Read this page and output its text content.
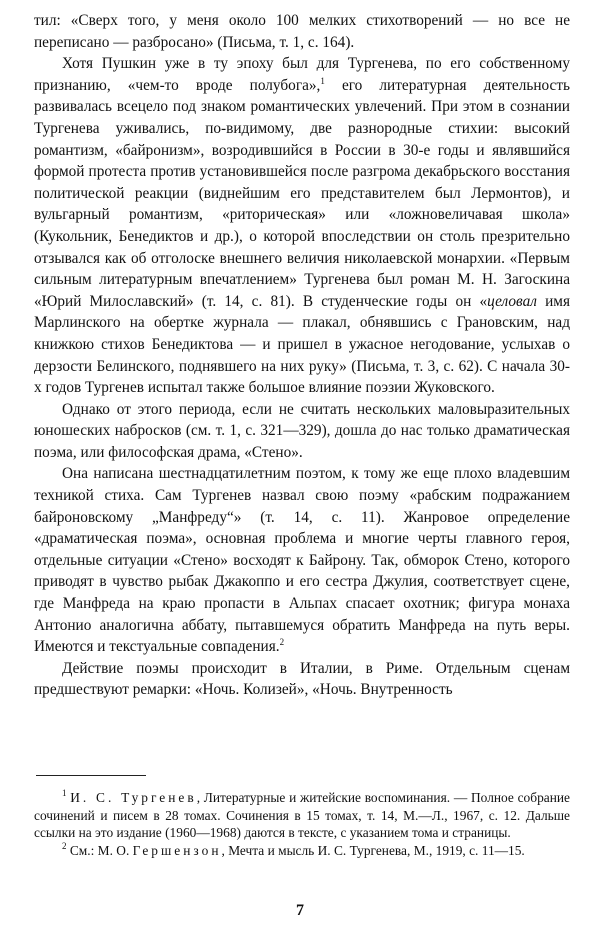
тил: «Сверх того, у меня около 100 мелких стихотворений — но все не переписано — разбросано» (Письма, т. 1, с. 164).

Хотя Пушкин уже в ту эпоху был для Тургенева, по его собственному признанию, «чем-то вроде полубога»,$^1$ его литературная деятельность развивалась всецело под знаком романтических увлечений. При этом в сознании Тургенева уживались, по-видимому, две разнородные стихии: высокий романтизм, «байронизм», возродившийся в России в 30-е годы и являвшийся формой протеста против установившейся после разгрома декабрьского восстания политической реакции (виднейшим его представителем был Лермонтов), и вульгарный романтизм, «риторическая» или «ложновеличавая школа» (Кукольник, Бенедиктов и др.), о которой впоследствии он столь презрительно отзывался как об отголоске внешнего величия николаевской монархии. «Первым сильным литературным впечатлением» Тургенева был роман М. Н. Загоскина «Юрий Милославский» (т. 14, с. 81). В студенческие годы он «целовал имя Марлинского на обертке журнала — плакал, обнявшись с Грановским, над книжкою стихов Бенедиктова — и пришел в ужасное негодование, услыхав о дерзости Белинского, поднявшего на них руку» (Письма, т. 3, с. 62). С начала 30-х годов Тургенев испытал также большое влияние поэзии Жуковского.

Однако от этого периода, если не считать нескольких маловыразительных юношеских набросков (см. т. 1, с. 321—329), дошла до нас только драматическая поэма, или философская драма, «Стено».

Она написана шестнадцатилетним поэтом, к тому же еще плохо владевшим техникой стиха. Сам Тургенев назвал свою поэму «рабским подражанием байроновскому „Манфреду“» (т. 14, с. 11). Жанровое определение «драматическая поэма», основная проблема и многие черты главного героя, отдельные ситуации «Стено» восходят к Байрону. Так, обморок Стено, которого приводят в чувство рыбак Джакоппо и его сестра Джулия, соответствует сцене, где Манфреда на краю пропасти в Альпах спасает охотник; фигура монаха Антонио аналогична аббату, пытавшемуся обратить Манфреда на путь веры. Имеются и текстуальные совпадения.$^2$

Действие поэмы происходит в Италии, в Риме. Отдельным сценам предшествуют ремарки: «Ночь. Колизей», «Ночь. Внутренность

$^1$ И. С. Тургенев, Литературные и житейские воспоминания. — Полное собрание сочинений и писем в 28 томах. Сочинения в 15 томах, т. 14, М.—Л., 1967, с. 12. Дальше ссылки на это издание (1960—1968) даются в тексте, с указанием тома и страницы.

$^2$ См.: М. О. Гершензон, Мечта и мысль И. С. Тургенева, М., 1919, с. 11—15.

7
